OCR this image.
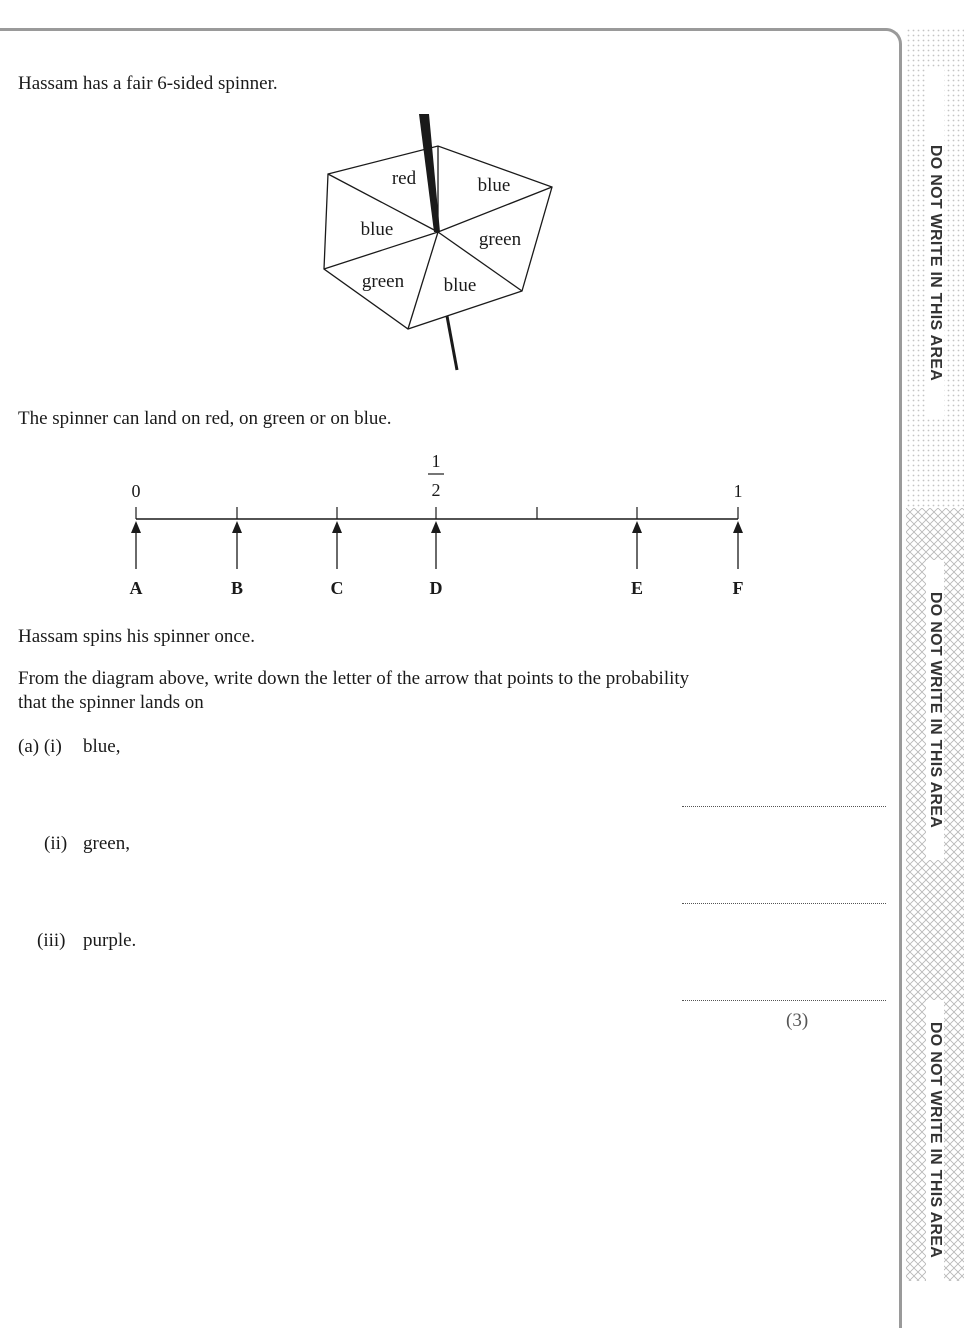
Hassam has a fair 6-sided spinner.
red	blue
green
blue
green
blue
The spinner can land on red, on green or on blue.
0
1
2	1
A	B	C	D	E	F
Hassam spins his spinner once.
From the diagram above, write down the letter of the arrow that points to the probability
that the spinner lands on
(a) (i) blue,
(ii) green,
(iii) purple.
(3)
DO NOT WRITE IN THIS AREA
DO NOT WRITE IN THIS AREA
DO NOT WRITE IN THIS AREA
